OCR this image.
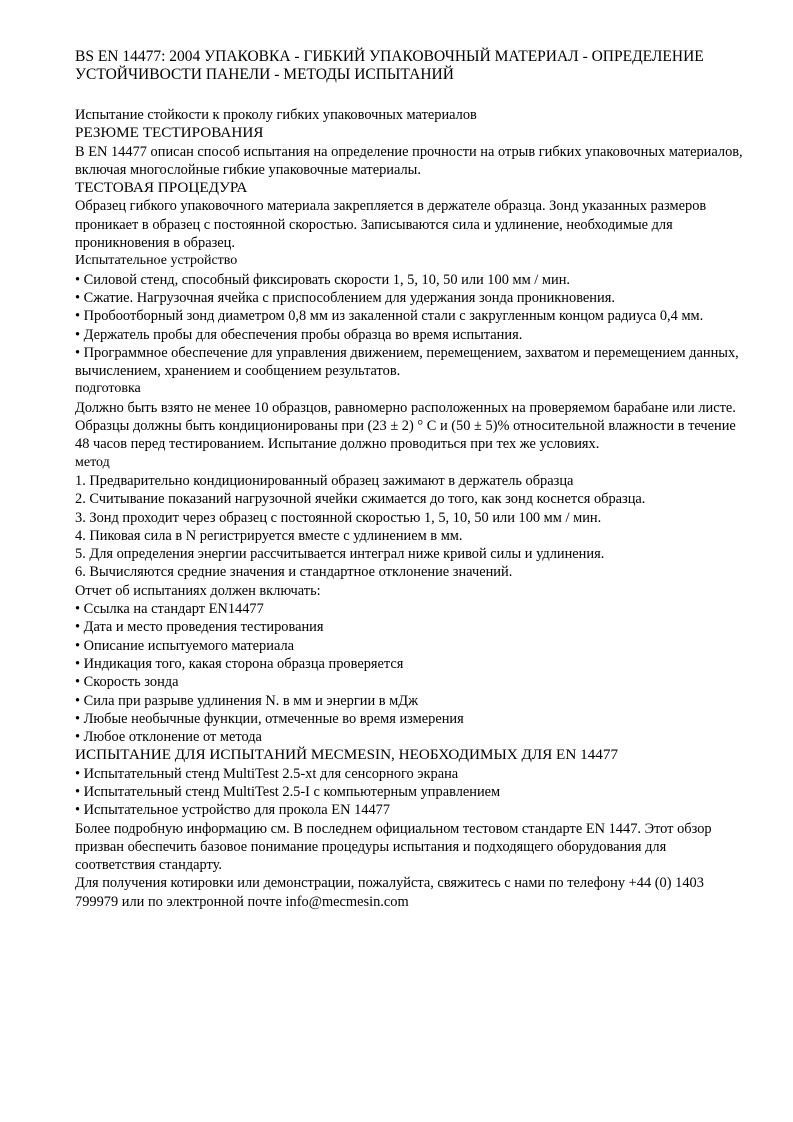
BS EN 14477: 2004 УПАКОВКА - ГИБКИЙ УПАКОВОЧНЫЙ МАТЕРИАЛ - ОПРЕДЕЛЕНИЕ УСТОЙЧИВОСТИ ПАНЕЛИ - МЕТОДЫ ИСПЫТАНИЙ

Испытание стойкости к проколу гибких упаковочных материалов

РЕЗЮМЕ ТЕСТИРОВАНИЯ

В EN 14477 описан способ испытания на определение прочности на отрыв гибких упаковочных материалов, включая многослойные гибкие упаковочные материалы.

ТЕСТОВАЯ ПРОЦЕДУРА

Образец гибкого упаковочного материала закрепляется в держателе образца. Зонд указанных размеров проникает в образец с постоянной скоростью. Записываются сила и удлинение, необходимые для проникновения в образец.

Испытательное устройство

• Силовой стенд, способный фиксировать скорости 1, 5, 10, 50 или 100 мм / мин.

• Сжатие. Нагрузочная ячейка с приспособлением для удержания зонда проникновения.

• Пробоотборный зонд диаметром 0,8 мм из закаленной стали с закругленным концом радиуса 0,4 мм.

• Держатель пробы для обеспечения пробы образца во время испытания.

• Программное обеспечение для управления движением, перемещением, захватом и перемещением данных, вычислением, хранением и сообщением результатов.

подготовка

Должно быть взято не менее 10 образцов, равномерно расположенных на проверяемом барабане или листе.

Образцы должны быть кондиционированы при (23 ± 2) ° C и (50 ± 5)% относительной влажности в течение 48 часов перед тестированием. Испытание должно проводиться при тех же условиях.

метод

1. Предварительно кондиционированный образец зажимают в держатель образца

2. Считывание показаний нагрузочной ячейки сжимается до того, как зонд коснется образца.

3. Зонд проходит через образец с постоянной скоростью 1, 5, 10, 50 или 100 мм / мин.

4. Пиковая сила в N регистрируется вместе с удлинением в мм.

5. Для определения энергии рассчитывается интеграл ниже кривой силы и удлинения.

6. Вычисляются средние значения и стандартное отклонение значений.

Отчет об испытаниях должен включать:

• Ссылка на стандарт EN14477

• Дата и место проведения тестирования

• Описание испытуемого материала

• Индикация того, какая сторона образца проверяется

• Скорость зонда

• Сила при разрыве удлинения N. в мм и энергии в мДж

• Любые необычные функции, отмеченные во время измерения

• Любое отклонение от метода

ИСПЫТАНИЕ ДЛЯ ИСПЫТАНИЙ MECMESIN, НЕОБХОДИМЫХ ДЛЯ EN 14477

• Испытательный стенд MultiTest 2.5-xt для сенсорного экрана

• Испытательный стенд MultiTest 2.5-I с компьютерным управлением

• Испытательное устройство для прокола EN 14477

Более подробную информацию см. В последнем официальном тестовом стандарте EN 1447. Этот обзор призван обеспечить базовое понимание процедуры испытания и подходящего оборудования для соответствия стандарту.

Для получения котировки или демонстрации, пожалуйста, свяжитесь с нами по телефону +44 (0) 1403 799979 или по электронной почте info@mecmesin.com
